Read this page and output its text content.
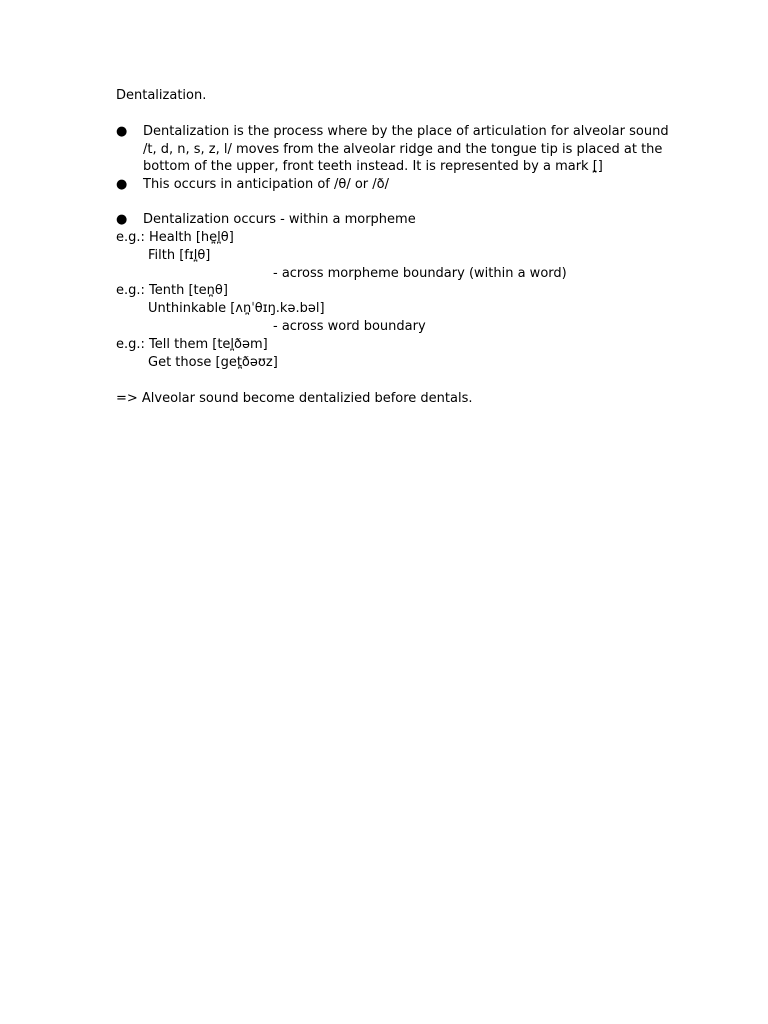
Dentalization.
● Dentalization is the process where by the place of articulation for alveolar sound
/t, d, n, s, z, l/ moves from the alveolar ridge and the tongue tip is placed at the
bottom of the upper, front teeth instead. It is represented by a mark [̪]
● This occurs in anticipation of /θ/ or /ð/
● Dentalization occurs - within a morpheme
e.g.: Health [he̪l̪θ]
Filth [fɪl̪θ]
- across morpheme boundary (within a word)
e.g.: Tenth [ten̪θ]
Unthinkable [ʌn̪ˈθɪŋ.kə.bəl]
- across word boundary
e.g.: Tell them [tel̪ðəm]
Get those [get̪ðəʊz]
=> Alveolar sound become dentalizied before dentals.
